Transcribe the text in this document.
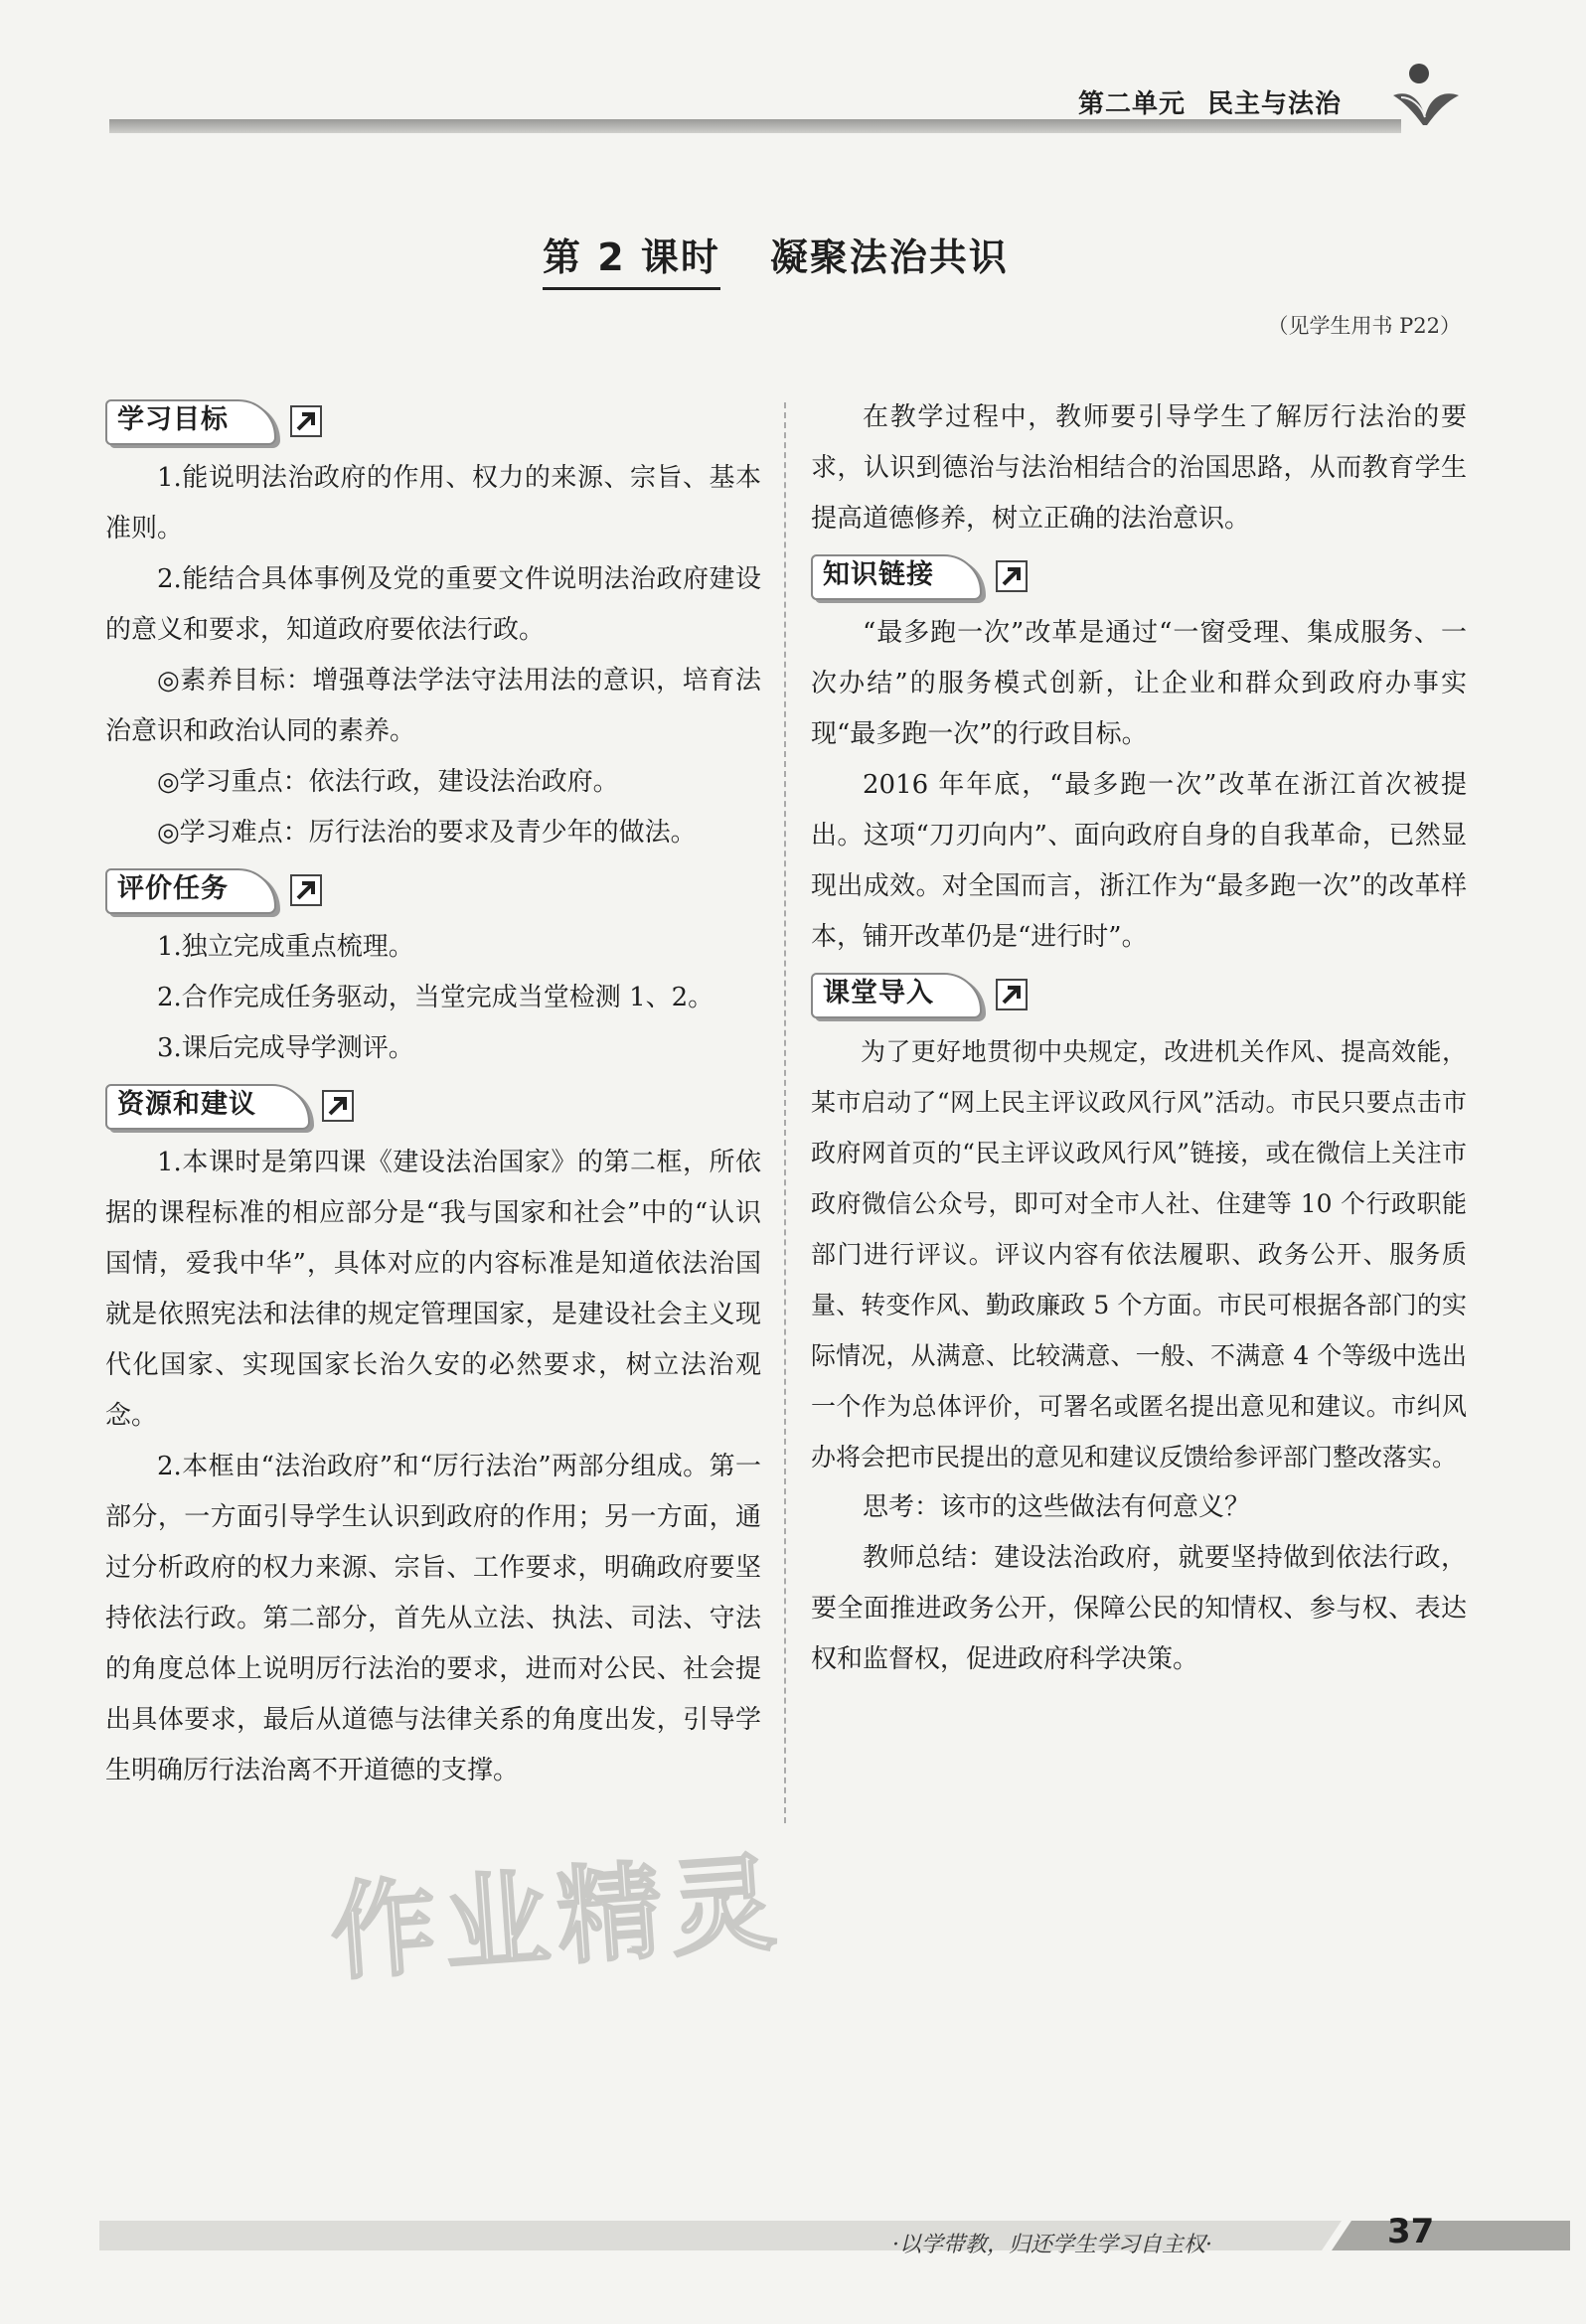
第二单元 民主与法治
第 2 课时 凝聚法治共识
（见学生用书 P22）
学习目标

1.能说明法治政府的作用、权力的来源、宗旨、基本准则。

2.能结合具体事例及党的重要文件说明法治政府建设的意义和要求，知道政府要依法行政。

◎素养目标：增强尊法学法守法用法的意识，培育法治意识和政治认同的素养。

◎学习重点：依法行政，建设法治政府。

◎学习难点：厉行法治的要求及青少年的做法。

评价任务

1.独立完成重点梳理。

2.合作完成任务驱动，当堂完成当堂检测 1、2。

3.课后完成导学测评。

资源和建议

1.本课时是第四课《建设法治国家》的第二框，所依据的课程标准的相应部分是“我与国家和社会”中的“认识国情，爱我中华”，具体对应的内容标准是知道依法治国就是依照宪法和法律的规定管理国家，是建设社会主义现代化国家、实现国家长治久安的必然要求，树立法治观念。

2.本框由“法治政府”和“厉行法治”两部分组成。第一部分，一方面引导学生认识到政府的作用；另一方面，通过分析政府的权力来源、宗旨、工作要求，明确政府要坚持依法行政。第二部分，首先从立法、执法、司法、守法的角度总体上说明厉行法治的要求，进而对公民、社会提出具体要求，最后从道德与法律关系的角度出发，引导学生明确厉行法治离不开道德的支撑。

在教学过程中，教师要引导学生了解厉行法治的要求，认识到德治与法治相结合的治国思路，从而教育学生提高道德修养，树立正确的法治意识。

知识链接

“最多跑一次”改革是通过“一窗受理、集成服务、一次办结”的服务模式创新，让企业和群众到政府办事实现“最多跑一次”的行政目标。

2016 年年底，“最多跑一次”改革在浙江首次被提出。这项“刀刃向内”、面向政府自身的自我革命，已然显现出成效。对全国而言，浙江作为“最多跑一次”的改革样本，铺开改革仍是“进行时”。

课堂导入

为了更好地贯彻中央规定，改进机关作风、提高效能，某市启动了“网上民主评议政风行风”活动。市民只要点击市政府网首页的“民主评议政风行风”链接，或在微信上关注市政府微信公众号，即可对全市人社、住建等 10 个行政职能部门进行评议。评议内容有依法履职、政务公开、服务质量、转变作风、勤政廉政 5 个方面。市民可根据各部门的实际情况，从满意、比较满意、一般、不满意 4 个等级中选出一个作为总体评价，可署名或匿名提出意见和建议。市纠风办将会把市民提出的意见和建议反馈给参评部门整改落实。

思考：该市的这些做法有何意义？

教师总结：建设法治政府，就要坚持做到依法行政，要全面推进政务公开，保障公民的知情权、参与权、表达权和监督权，促进政府科学决策。

作业精灵
·以学带教，归还学生学习自主权·	37
